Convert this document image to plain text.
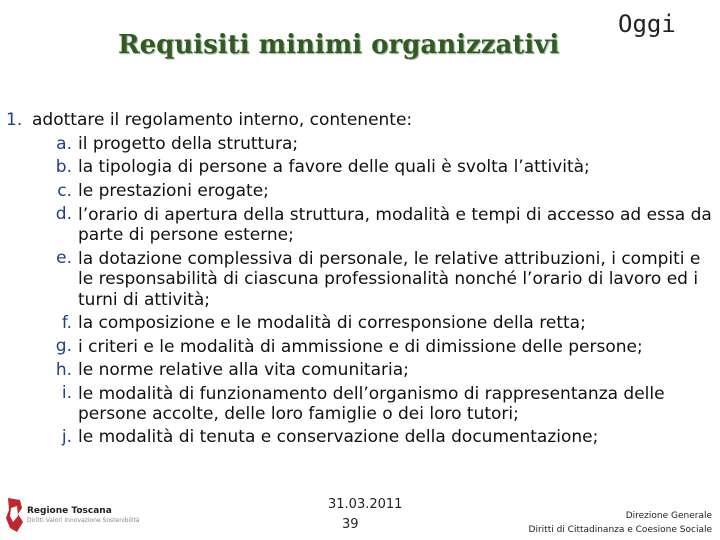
Requisiti minimi organizzativi
Oggi
1. adottare il regolamento interno, contenente:
a. il progetto della struttura;
b. la tipologia di persone a favore delle quali è svolta l’attività;
c. le prestazioni erogate;
d. l’orario di apertura della struttura, modalità e tempi di accesso ad essa da parte di persone esterne;
e. la dotazione complessiva di personale, le relative attribuzioni, i compiti e le responsabilità di ciascuna professionalità nonché l’orario di lavoro ed i turni di attività;
f. la composizione e le modalità di corresponsione della retta;
g. i criteri e le modalità di ammissione e di dimissione delle persone;
h. le norme relative alla vita comunitaria;
i. le modalità di funzionamento dell’organismo di rappresentanza delle persone accolte, delle loro famiglie o dei loro tutori;
j. le modalità di tenuta e conservazione della documentazione;
Regione Toscana
Diritti Valori Innovazione Sostenibilità
31.03.2011
39
Direzione Generale
Diritti di Cittadinanza e Coesione Sociale
